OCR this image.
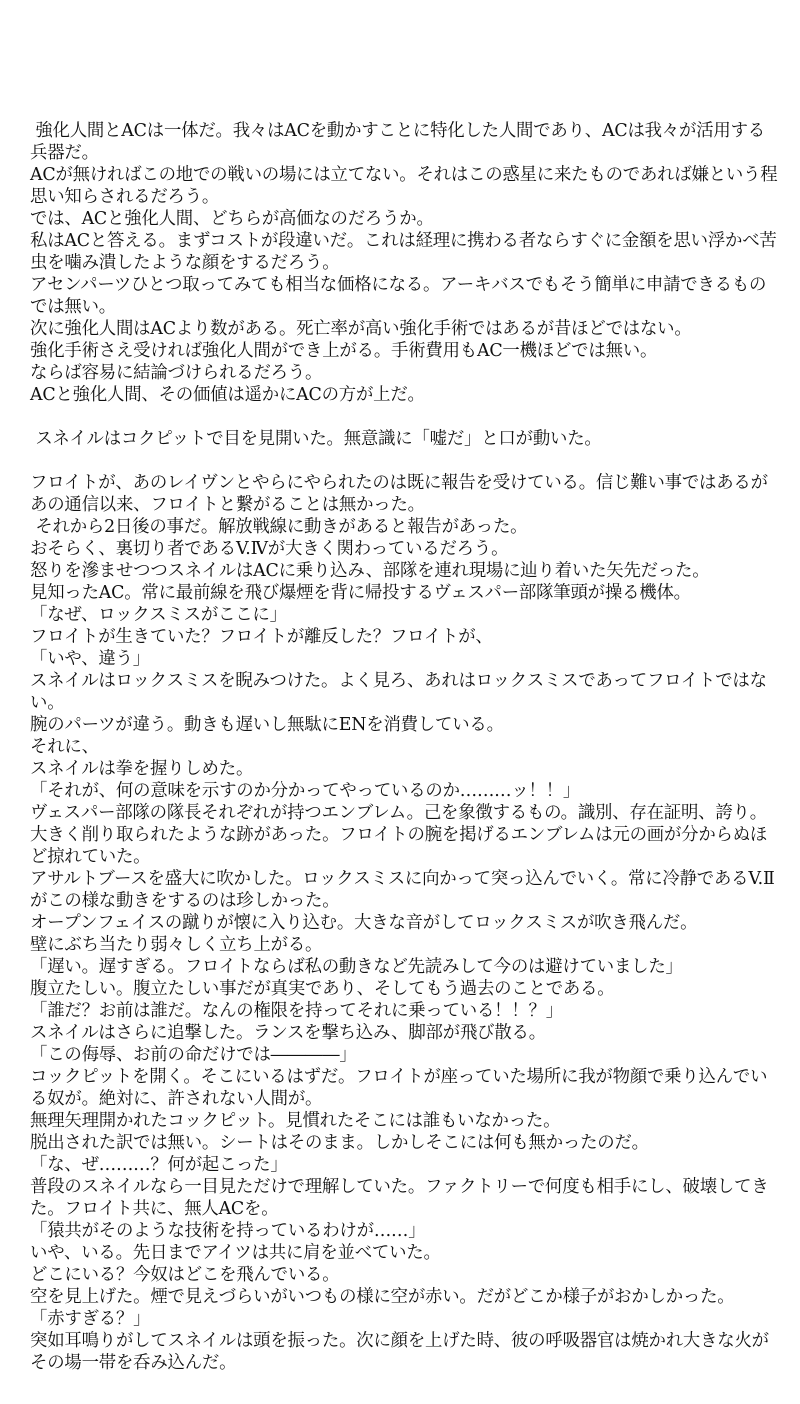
強化人間とACは一体だ。我々はACを動かすことに特化した人間であり、ACは我々が活用する兵器だ。

ACが無ければこの地での戦いの場には立てない。それはこの惑星に来たものであれば嫌という程思い知らされるだろう。

では、ACと強化人間、どちらが高価なのだろうか。

私はACと答える。まずコストが段違いだ。これは経理に携わる者ならすぐに金額を思い浮かべ苦虫を噛み潰したような顔をするだろう。

アセンパーツひとつ取ってみても相当な価格になる。アーキバスでもそう簡単に申請できるものでは無い。

次に強化人間はACより数がある。死亡率が高い強化手術ではあるが昔ほどではない。

強化手術さえ受ければ強化人間ができ上がる。手術費用もAC一機ほどでは無い。

ならば容易に結論づけられるだろう。

ACと強化人間、その価値は遥かにACの方が上だ。

スネイルはコクピットで目を見開いた。無意識に「嘘だ」と口が動いた。

フロイトが、あのレイヴンとやらにやられたのは既に報告を受けている。信じ難い事ではあるがあの通信以来、フロイトと繋がることは無かった。

それから2日後の事だ。解放戦線に動きがあると報告があった。

おそらく、裏切り者であるV.Ⅳが大きく関わっているだろう。

怒りを滲ませつつスネイルはACに乗り込み、部隊を連れ現場に辿り着いた矢先だった。

見知ったAC。常に最前線を飛び爆煙を背に帰投するヴェスパー部隊筆頭が操る機体。

「なぜ、ロックスミスがここに」

フロイトが生きていた？フロイトが離反した？フロイトが、

「いや、違う」

スネイルはロックスミスを睨みつけた。よく見ろ、あれはロックスミスであってフロイトではない。

腕のパーツが違う。動きも遅いし無駄にENを消費している。

それに、

スネイルは拳を握りしめた。

「それが、何の意味を示すのか分かってやっているのか………ッ！！」

ヴェスパー部隊の隊長それぞれが持つエンブレム。己を象徴するもの。識別、存在証明、誇り。

大きく削り取られたような跡があった。フロイトの腕を掲げるエンブレムは元の画が分からぬほど掠れていた。

アサルトブースを盛大に吹かした。ロックスミスに向かって突っ込んでいく。常に冷静であるV.Ⅱがこの様な動きをするのは珍しかった。

オープンフェイスの蹴りが懐に入り込む。大きな音がしてロックスミスが吹き飛んだ。

壁にぶち当たり弱々しく立ち上がる。

「遅い。遅すぎる。フロイトならば私の動きなど先読みして今のは避けていました」

腹立たしい。腹立たしい事だが真実であり、そしてもう過去のことである。

「誰だ？お前は誰だ。なんの権限を持ってそれに乗っている！！？」

スネイルはさらに追撃した。ランスを撃ち込み、脚部が飛び散る。

「この侮辱、お前の命だけでは――――」

コックピットを開く。そこにいるはずだ。フロイトが座っていた場所に我が物顔で乗り込んでいる奴が。絶対に、許されない人間が。

無理矢理開かれたコックピット。見慣れたそこには誰もいなかった。

脱出された訳では無い。シートはそのまま。しかしそこには何も無かったのだ。

「な、ぜ………？何が起こった」

普段のスネイルなら一目見ただけで理解していた。ファクトリーで何度も相手にし、破壊してきた。フロイト共に、無人ACを。

「猿共がそのような技術を持っているわけが……」

いや、いる。先日までアイツは共に肩を並べていた。

どこにいる？今奴はどこを飛んでいる。

空を見上げた。煙で見えづらいがいつもの様に空が赤い。だがどこか様子がおかしかった。

「赤すぎる？」

突如耳鳴りがしてスネイルは頭を振った。次に顔を上げた時、彼の呼吸器官は焼かれ大きな火がその場一帯を呑み込んだ。
